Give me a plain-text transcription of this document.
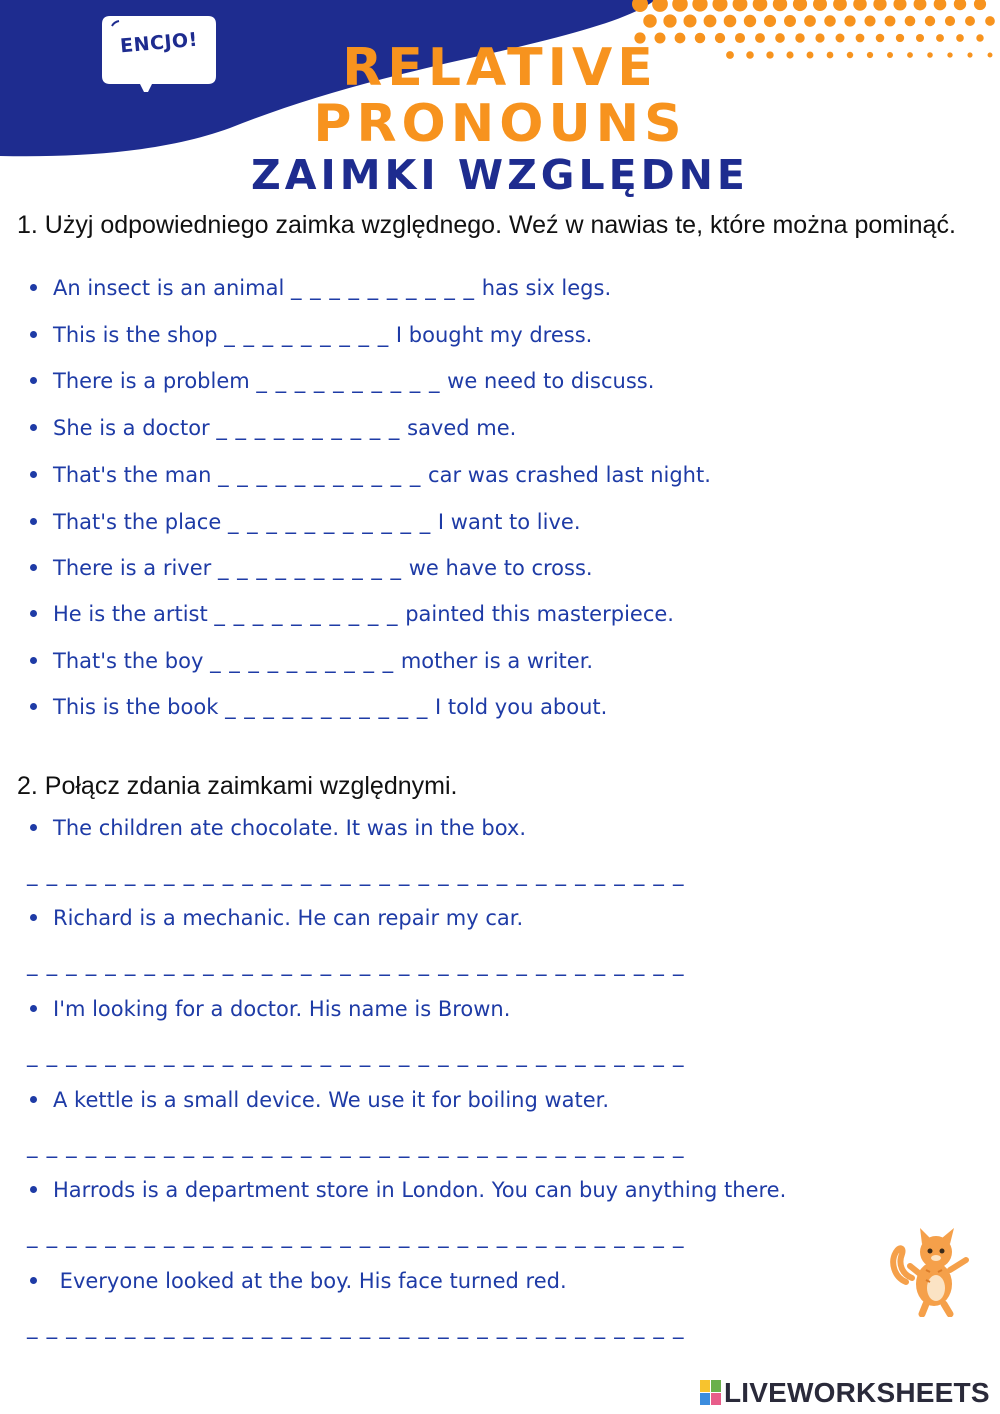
ENCJO!	RELATIVE
PRONOUNS
ZAIMKI WZGLĘDNE
1. Użyj odpowiedniego zaimka względnego. Weź w nawias te, które można pominąć.
An insect is an animal _ _ _ _ _ _ _ _ _ _ has six legs.
This is the shop _ _ _ _ _ _ _ _ _ I bought my dress.
There is a problem _ _ _ _ _ _ _ _ _ _ we need to discuss.
She is a doctor _ _ _ _ _ _ _ _ _ _ saved me.
That's the man _ _ _ _ _ _ _ _ _ _ _ car was crashed last night.
That's the place _ _ _ _ _ _ _ _ _ _ _ I want to live.
There is a river _ _ _ _ _ _ _ _ _ _ we have to cross.
He is the artist _ _ _ _ _ _ _ _ _ _ painted this masterpiece.
That's the boy _ _ _ _ _ _ _ _ _ _ mother is a writer.
This is the book _ _ _ _ _ _ _ _ _ _ _ I told you about.
2. Połącz zdania zaimkami względnymi.
The children ate chocolate. It was in the box.
_ _ _ _ _ _ _ _ _ _ _ _ _ _ _ _ _ _ _ _ _ _ _ _ _ _ _ _ _ _ _ _ _ _
Richard is a mechanic. He can repair my car.
_ _ _ _ _ _ _ _ _ _ _ _ _ _ _ _ _ _ _ _ _ _ _ _ _ _ _ _ _ _ _ _ _ _
I'm looking for a doctor. His name is Brown.
_ _ _ _ _ _ _ _ _ _ _ _ _ _ _ _ _ _ _ _ _ _ _ _ _ _ _ _ _ _ _ _ _ _
A kettle is a small device. We use it for boiling water.
_ _ _ _ _ _ _ _ _ _ _ _ _ _ _ _ _ _ _ _ _ _ _ _ _ _ _ _ _ _ _ _ _ _
Harrods is a department store in London. You can buy anything there.
_ _ _ _ _ _ _ _ _ _ _ _ _ _ _ _ _ _ _ _ _ _ _ _ _ _ _ _ _ _ _ _ _ _
Everyone looked at the boy. His face turned red.
_ _ _ _ _ _ _ _ _ _ _ _ _ _ _ _ _ _ _ _ _ _ _ _ _ _ _ _ _ _ _ _ _ _
LIVEWORKSHEETS
